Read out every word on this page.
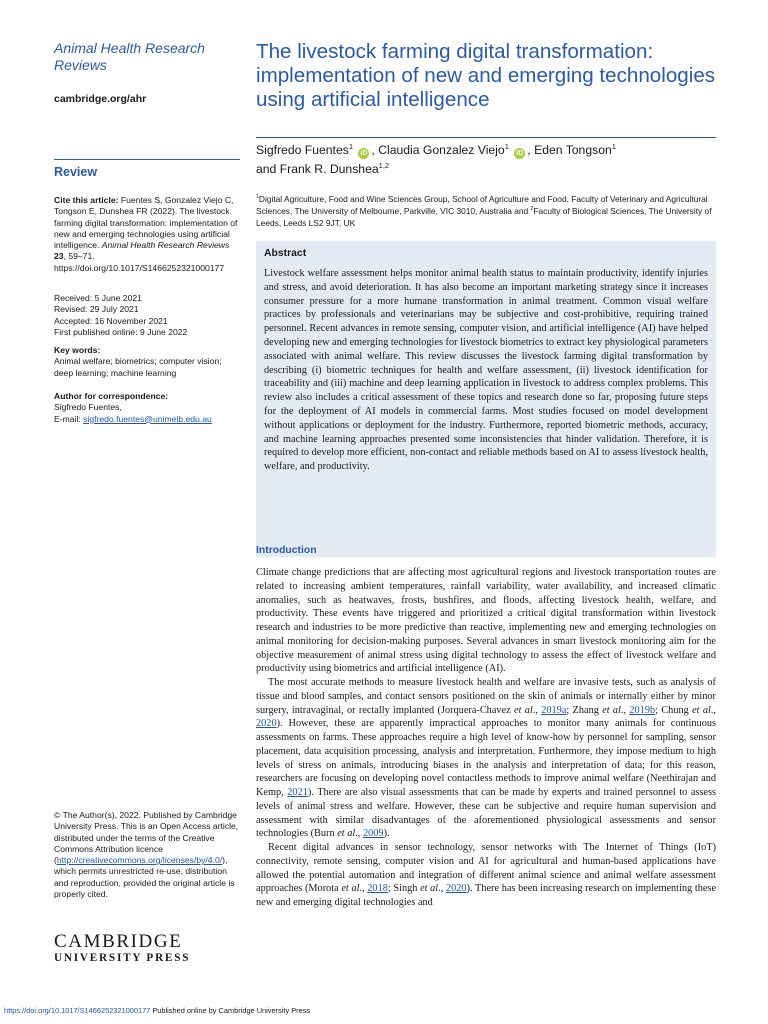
Animal Health Research
Reviews
cambridge.org/ahr
Review
Cite this article: Fuentes S, Gonzalez Viejo C, Tongson E, Dunshea FR (2022). The livestock farming digital transformation: implementation of new and emerging technologies using artificial intelligence. Animal Health Research Reviews 23, 59–71. https://doi.org/10.1017/S1466252321000177
Received: 5 June 2021
Revised: 29 July 2021
Accepted: 16 November 2021
First published online: 9 June 2022
Key words:
Animal welfare; biometrics; computer vision; deep learning; machine learning
Author for correspondence:
Sigfredo Fuentes,
E-mail: sigfredo.fuentes@unimelb.edu.au
© The Author(s), 2022. Published by Cambridge University Press. This is an Open Access article, distributed under the terms of the Creative Commons Attribution licence (http://creativecommons.org/licenses/by/4.0/), which permits unrestricted re-use, distribution and reproduction, provided the original article is properly cited.
CAMBRIDGE
UNIVERSITY PRESS
The livestock farming digital transformation: implementation of new and emerging technologies using artificial intelligence
Sigfredo Fuentes$^1$ iD , Claudia Gonzalez Viejo$^1$ iD , Eden Tongson$^1$
and Frank R. Dunshea$^{1,2}$
$^1$Digital Agriculture, Food and Wine Sciences Group, School of Agriculture and Food, Faculty of Veterinary and Agricultural Sciences, The University of Melbourne, Parkville, VIC 3010, Australia and $^2$Faculty of Biological Sciences, The University of Leeds, Leeds LS2 9JT, UK
Abstract

Livestock welfare assessment helps monitor animal health status to maintain productivity, identify injuries and stress, and avoid deterioration. It has also become an important marketing strategy since it increases consumer pressure for a more humane transformation in animal treatment. Common visual welfare practices by professionals and veterinarians may be subjective and cost-prohibitive, requiring trained personnel. Recent advances in remote sensing, computer vision, and artificial intelligence (AI) have helped developing new and emerging technologies for livestock biometrics to extract key physiological parameters associated with animal welfare. This review discusses the livestock farming digital transformation by describing (i) biometric techniques for health and welfare assessment, (ii) livestock identification for traceability and (iii) machine and deep learning application in livestock to address complex problems. This review also includes a critical assessment of these topics and research done so far, proposing future steps for the deployment of AI models in commercial farms. Most studies focused on model development without applications or deployment for the industry. Furthermore, reported biometric methods, accuracy, and machine learning approaches presented some inconsistencies that hinder validation. Therefore, it is required to develop more efficient, non-contact and reliable methods based on AI to assess livestock health, welfare, and productivity.

Introduction

Climate change predictions that are affecting most agricultural regions and livestock transportation routes are related to increasing ambient temperatures, rainfall variability, water availability, and increased climatic anomalies, such as heatwaves, frosts, bushfires, and floods, affecting livestock health, welfare, and productivity. These events have triggered and prioritized a critical digital transformation within livestock research and industries to be more predictive than reactive, implementing new and emerging technologies on animal monitoring for decision-making purposes. Several advances in smart livestock monitoring aim for the objective measurement of animal stress using digital technology to assess the effect of livestock welfare and productivity using biometrics and artificial intelligence (AI).

The most accurate methods to measure livestock health and welfare are invasive tests, such as analysis of tissue and blood samples, and contact sensors positioned on the skin of animals or internally either by minor surgery, intravaginal, or rectally implanted (Jorquera-Chavez et al., 2019a; Zhang et al., 2019b; Chung et al., 2020). However, these are apparently impractical approaches to monitor many animals for continuous assessments on farms. These approaches require a high level of know-how by personnel for sampling, sensor placement, data acquisition processing, analysis and interpretation. Furthermore, they impose medium to high levels of stress on animals, introducing biases in the analysis and interpretation of data; for this reason, researchers are focusing on developing novel contactless methods to improve animal welfare (Neethirajan and Kemp, 2021). There are also visual assessments that can be made by experts and trained personnel to assess levels of animal stress and welfare. However, these can be subjective and require human supervision and assessment with similar disadvantages of the aforementioned physiological assessments and sensor technologies (Burn et al., 2009).

Recent digital advances in sensor technology, sensor networks with The Internet of Things (IoT) connectivity, remote sensing, computer vision and AI for agricultural and human-based applications have allowed the potential automation and integration of different animal science and animal welfare assessment approaches (Morota et al., 2018; Singh et al., 2020). There has been increasing research on implementing these new and emerging digital technologies and

https://doi.org/10.1017/S1466252321000177 Published online by Cambridge University Press
